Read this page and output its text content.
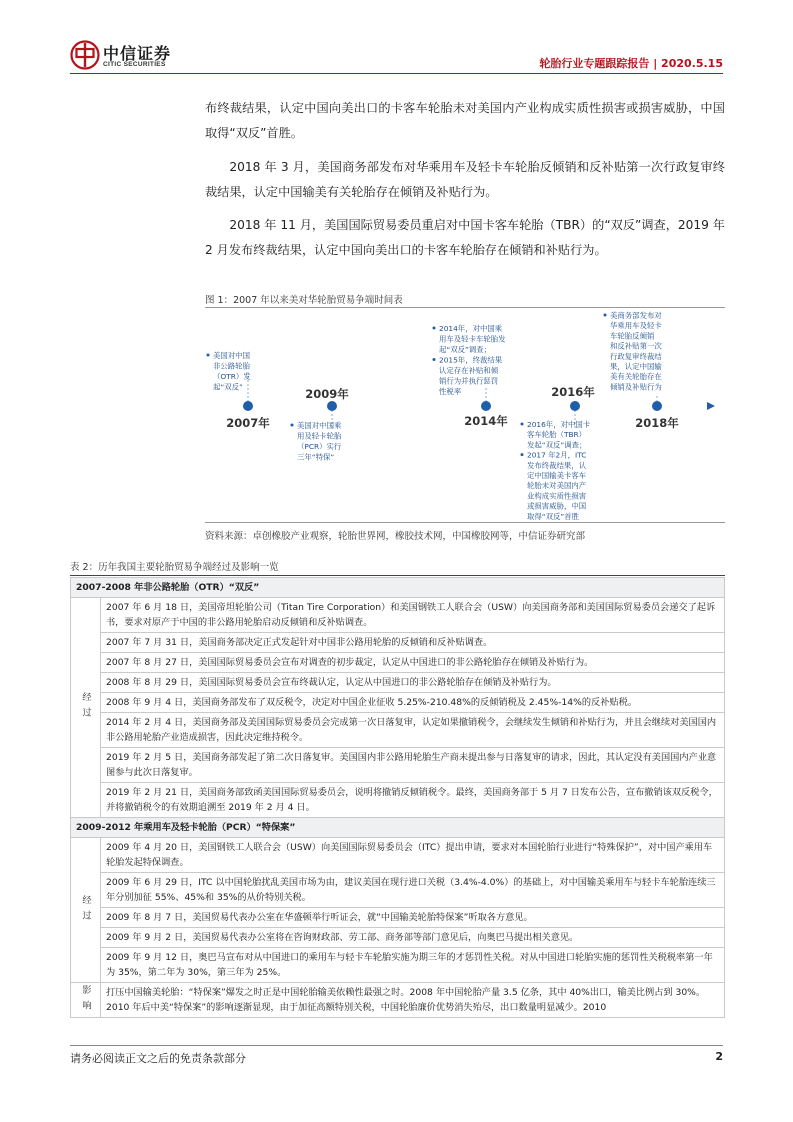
中信证券
CITIC SECURITIES	轮胎行业专题跟踪报告 | 2020.5.15

布终裁结果，认定中国向美出口的卡客车轮胎未对美国内产业构成实质性损害或损害威胁，中国取得“双反”首胜。

2018 年 3 月，美国商务部发布对华乘用车及轻卡车轮胎反倾销和反补贴第一次行政复审终裁结果，认定中国输美有关轮胎存在倾销及补贴行为。

2018 年 11 月，美国国际贸易委员重启对中国卡客车轮胎（TBR）的“双反”调查，2019 年 2 月发布终裁结果，认定中国向美出口的卡客车轮胎存在倾销和补贴行为。

图 1：2007 年以来美对华轮胎贸易争端时间表
2007年
2009年
2014年
2016年
2018年
美国对中国
非公路轮胎
（OTR）发
起“双反”
美国对中国乘
用及轻卡轮胎
（PCR）实行
三年“特保”
2014年，对中国乘
用车及轻卡车轮胎发
起“双反”调查；
2015年，终裁结果
认定存在补贴和倾
销行为并执行惩罚
性税率
2016年，对中国卡
客车轮胎（TBR）
发起“双反”调查；
2017 年2月，ITC
发布终裁结果，认
定中国输美卡客车
轮胎未对美国内产
业构成实质性损害
或损害威胁，中国
取得“双反”首胜
美商务部发布对
华乘用车及轻卡
车轮胎反倾销
和反补贴第一次
行政复审终裁结
果，认定中国输
美有关轮胎存在
倾销及补贴行为
资料来源：卓创橡胶产业观察，轮胎世界网，橡胶技术网，中国橡胶网等，中信证券研究部
表 2：历年我国主要轮胎贸易争端经过及影响一览
2007-2008 年非公路轮胎（OTR）“双反”	

经过	2007 年 6 月 18 日，美国帝坦轮胎公司（Titan Tire Corporation）和美国钢铁工人联合会（USW）向美国商务部和美国国际贸易委员会递交了起诉书，要求对原产于中国的非公路用轮胎启动反倾销和反补贴调查。
	2007 年 7 月 31 日，美国商务部决定正式发起针对中国非公路用轮胎的反倾销和反补贴调查。
	2007 年 8 月 27 日，美国国际贸易委员会宣布对调查的初步裁定，认定从中国进口的非公路轮胎存在倾销及补贴行为。
	2008 年 8 月 29 日，美国国际贸易委员会宣布终裁认定，认定从中国进口的非公路轮胎存在倾销及补贴行为。
	2008 年 9 月 4 日，美国商务部发布了双反税令，决定对中国企业征收 5.25%-210.48%的反倾销税及 2.45%-14%的反补贴税。
	2014 年 2 月 4 日，美国商务部及美国国际贸易委员会完成第一次日落复审，认定如果撤销税令，会继续发生倾销和补贴行为，并且会继续对美国国内非公路用轮胎产业造成损害，因此决定维持税令。
	2019 年 2 月 5 日，美国商务部发起了第二次日落复审。美国国内非公路用轮胎生产商未提出参与日落复审的请求，因此，其认定没有美国国内产业意图参与此次日落复审。
	2019 年 2 月 21 日，美国商务部致函美国国际贸易委员会，说明将撤销反倾销税令。最终，美国商务部于 5 月 7 日发布公告，宣布撤销该双反税令，并将撤销税令的有效期追溯至 2019 年 2 月 4 日。
2009-2012 年乘用车及轻卡轮胎（PCR）“特保案”	

经过	2009 年 4 月 20 日，美国钢铁工人联合会（USW）向美国国际贸易委员会（ITC）提出申请，要求对本国轮胎行业进行“特殊保护”，对中国产乘用车轮胎发起特保调查。
	2009 年 6 月 29 日，ITC 以中国轮胎扰乱美国市场为由，建议美国在现行进口关税（3.4%-4.0%）的基础上，对中国输美乘用车与轻卡车轮胎连续三年分别加征 55%、45%和 35%的从价特别关税。
	2009 年 8 月 7 日，美国贸易代表办公室在华盛顿举行听证会，就“中国输美轮胎特保案”听取各方意见。
	2009 年 9 月 2 日，美国贸易代表办公室将在咨询财政部、劳工部、商务部等部门意见后，向奥巴马提出相关意见。
	2009 年 9 月 12 日，奥巴马宣布对从中国进口的乘用车与轻卡车轮胎实施为期三年的才惩罚性关税。对从中国进口轮胎实施的惩罚性关税税率第一年为 35%，第二年为 30%，第三年为 25%。

影响	打压中国输美轮胎：“特保案”爆发之时正是中国轮胎输美依赖性最强之时。2008 年中国轮胎产量 3.5 亿条，其中 40%出口，输美比例占到 30%。2010 年后中美“特保案”的影响逐渐显现，由于加征高额特别关税，中国轮胎廉价优势消失殆尽，出口数量明显减少。2010
请务必阅读正文之后的免责条款部分	2
